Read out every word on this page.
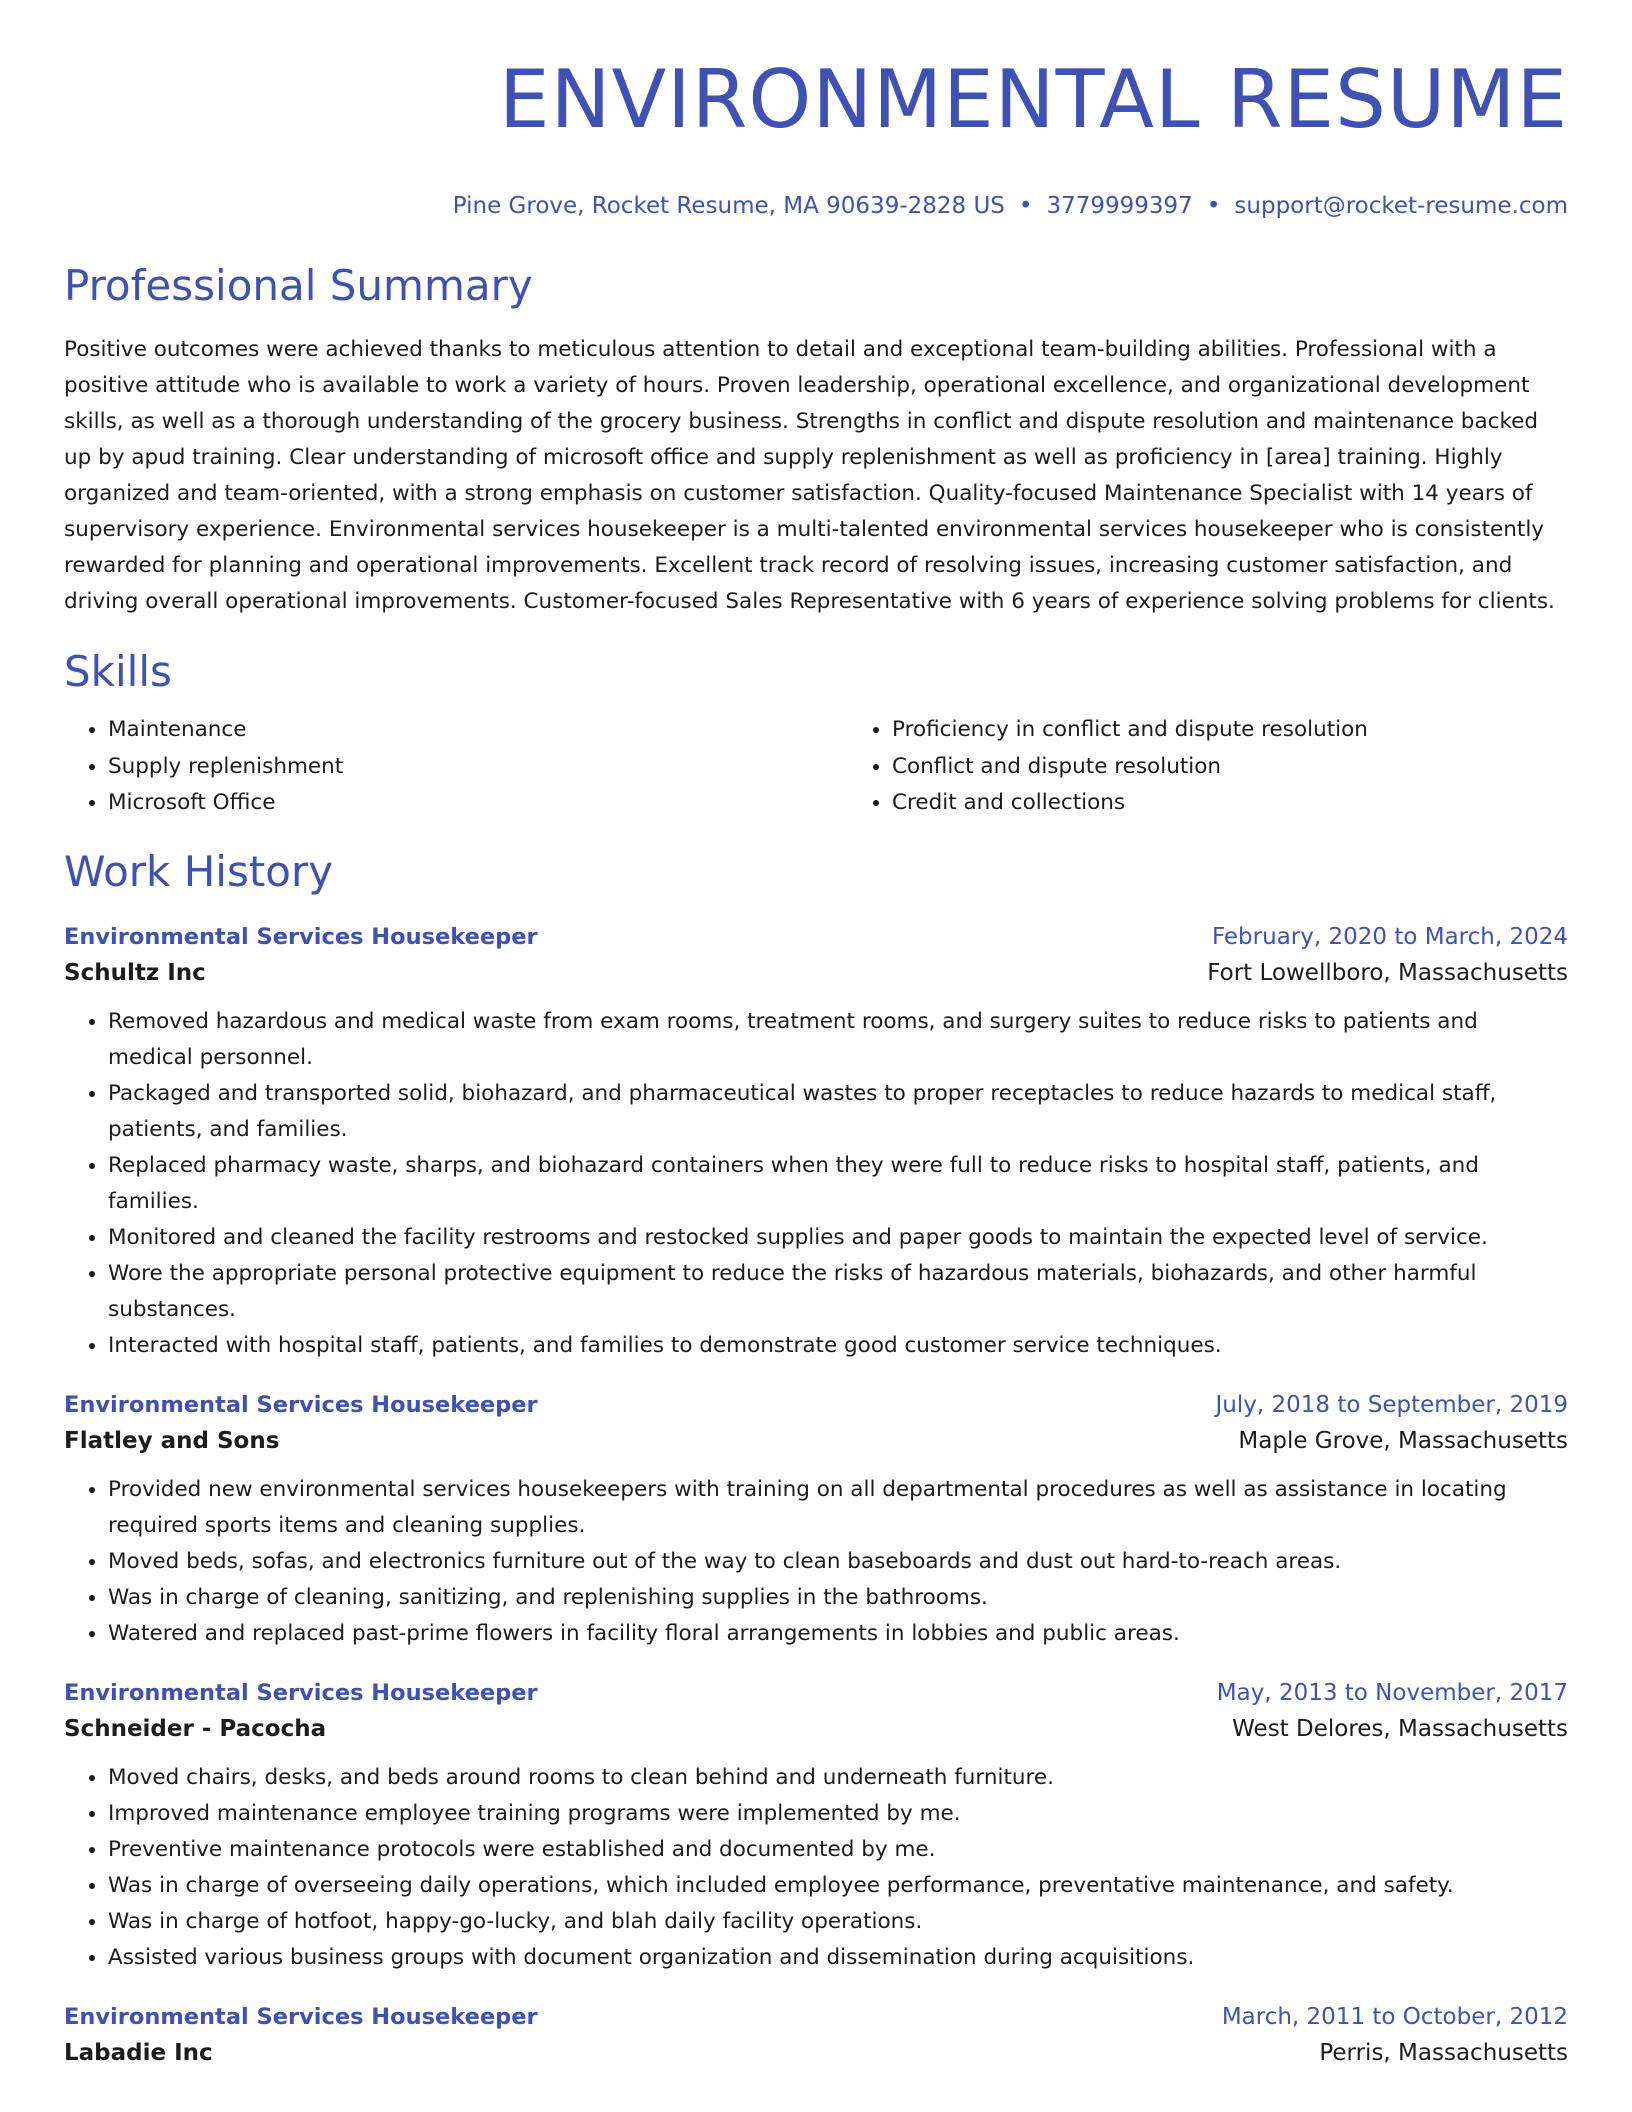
ENVIRONMENTAL RESUME
Pine Grove, Rocket Resume, MA 90639-2828 US • 3779999397 • support@rocket-resume.com
Professional Summary
Positive outcomes were achieved thanks to meticulous attention to detail and exceptional team-building abilities. Professional with a positive attitude who is available to work a variety of hours. Proven leadership, operational excellence, and organizational development skills, as well as a thorough understanding of the grocery business. Strengths in conflict and dispute resolution and maintenance backed up by apud training. Clear understanding of microsoft office and supply replenishment as well as proficiency in [area] training. Highly organized and team-oriented, with a strong emphasis on customer satisfaction. Quality-focused Maintenance Specialist with 14 years of supervisory experience. Environmental services housekeeper is a multi-talented environmental services housekeeper who is consistently rewarded for planning and operational improvements. Excellent track record of resolving issues, increasing customer satisfaction, and driving overall operational improvements. Customer-focused Sales Representative with 6 years of experience solving problems for clients.
Skills
• Maintenance
• Supply replenishment
• Microsoft Office
• Proficiency in conflict and dispute resolution
• Conflict and dispute resolution
• Credit and collections
Work History
Environmental Services Housekeeper	February, 2020 to March, 2024
Schultz Inc	Fort Lowellboro, Massachusetts
• Removed hazardous and medical waste from exam rooms, treatment rooms, and surgery suites to reduce risks to patients and medical personnel.
• Packaged and transported solid, biohazard, and pharmaceutical wastes to proper receptacles to reduce hazards to medical staff, patients, and families.
• Replaced pharmacy waste, sharps, and biohazard containers when they were full to reduce risks to hospital staff, patients, and families.
• Monitored and cleaned the facility restrooms and restocked supplies and paper goods to maintain the expected level of service.
• Wore the appropriate personal protective equipment to reduce the risks of hazardous materials, biohazards, and other harmful substances.
• Interacted with hospital staff, patients, and families to demonstrate good customer service techniques.
Environmental Services Housekeeper	July, 2018 to September, 2019
Flatley and Sons	Maple Grove, Massachusetts
• Provided new environmental services housekeepers with training on all departmental procedures as well as assistance in locating required sports items and cleaning supplies.
• Moved beds, sofas, and electronics furniture out of the way to clean baseboards and dust out hard-to-reach areas.
• Was in charge of cleaning, sanitizing, and replenishing supplies in the bathrooms.
• Watered and replaced past-prime flowers in facility floral arrangements in lobbies and public areas.
Environmental Services Housekeeper	May, 2013 to November, 2017
Schneider - Pacocha	West Delores, Massachusetts
• Moved chairs, desks, and beds around rooms to clean behind and underneath furniture.
• Improved maintenance employee training programs were implemented by me.
• Preventive maintenance protocols were established and documented by me.
• Was in charge of overseeing daily operations, which included employee performance, preventative maintenance, and safety.
• Was in charge of hotfoot, happy-go-lucky, and blah daily facility operations.
• Assisted various business groups with document organization and dissemination during acquisitions.
Environmental Services Housekeeper	March, 2011 to October, 2012
Labadie Inc	Perris, Massachusetts
